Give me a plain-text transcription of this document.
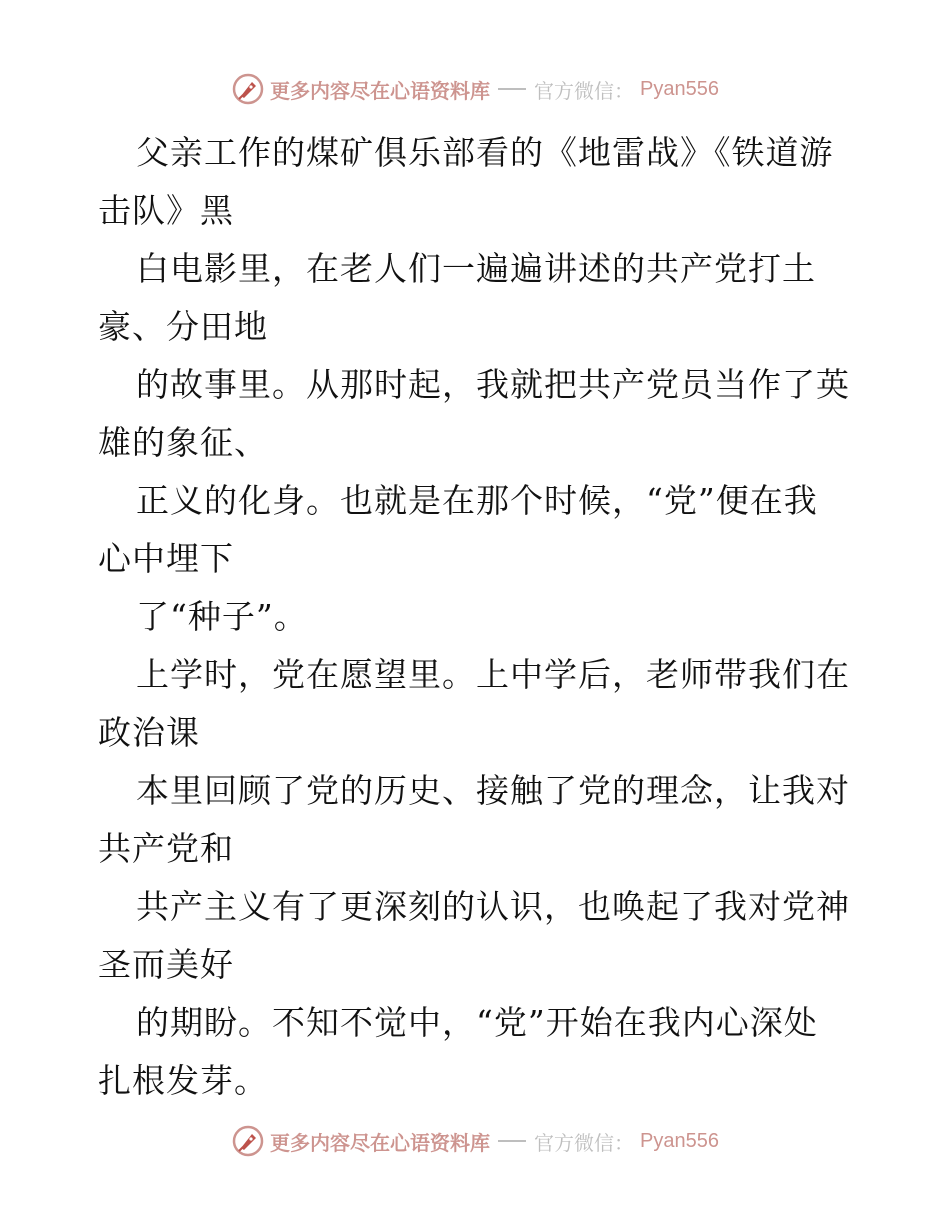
更多内容尽在心语资料库 官方微信： Pyan556
父亲工作的煤矿俱乐部看的《地雷战》《铁道游
击队》黑
白电影里，在老人们一遍遍讲述的共产党打土
豪、分田地
的故事里。从那时起，我就把共产党员当作了英
雄的象征、
正义的化身。也就是在那个时候，“党”便在我
心中埋下
了“种子”。
上学时，党在愿望里。上中学后，老师带我们在
政治课
本里回顾了党的历史、接触了党的理念，让我对
共产党和
共产主义有了更深刻的认识，也唤起了我对党神
圣而美好
的期盼。不知不觉中，“党”开始在我内心深处
扎根发芽。
更多内容尽在心语资料库 官方微信： Pyan556
